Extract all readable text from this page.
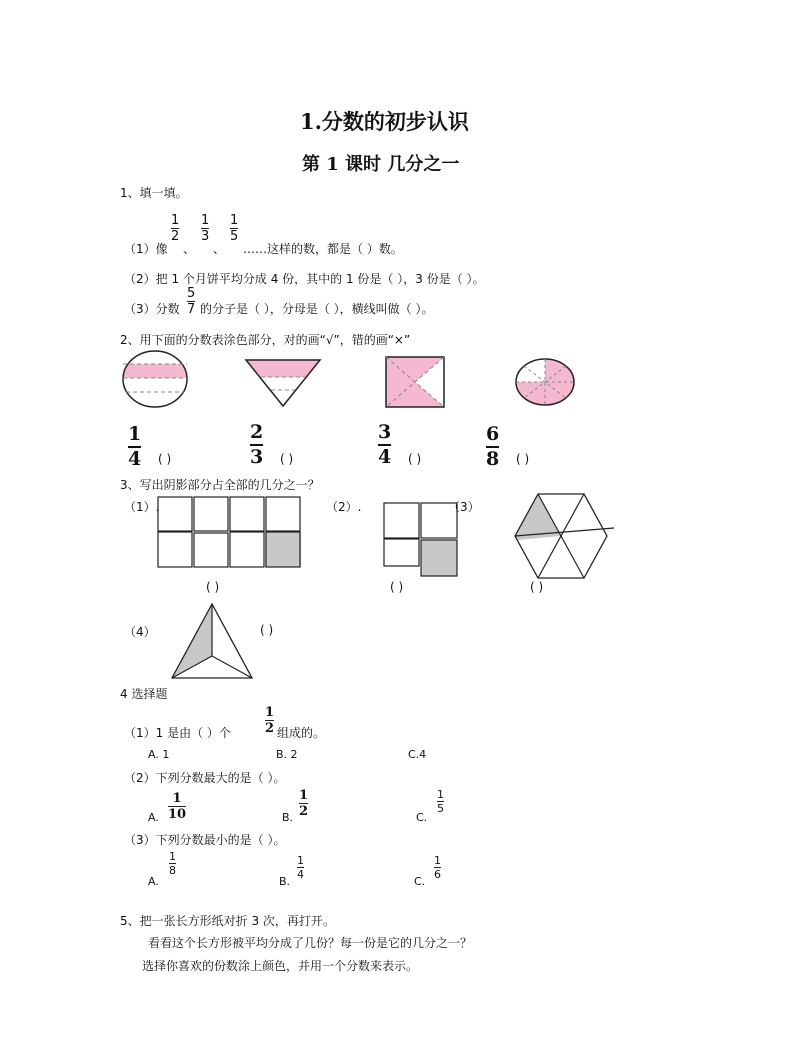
1.分数的初步认识
第 1 课时 几分之一
1、填一填。
（1）像
1
2
、
1
3
、
1
5
……这样的数，都是（ ）数。
（2）把 1 个月饼平均分成 4 份，其中的 1 份是（ ），3 份是（ ）。
（3）分数
5
7 的分子是（ ），分母是（ ），横线叫做（ ）。
2、用下面的分数表涂色部分，对的画“√”，错的画“×”
1
4 ( )
2
3 ( )
3
4 ( )
6
8 ( )
3、写出阴影部分占全部的几分之一？
（1）.
( )
（2）.
( )
（3）
( )
（4）	( )
4 选择题
（1）1 是由（ ）个
1
2 组成的。
A. 1	B. 2	C.4
（2）下列分数最大的是（ ）。
A.
1
10	B.
1
2	C.
1
5
（3）下列分数最小的是（ ）。
A.
1
8
B.
1
4
C.
1
6
5、把一张长方形纸对折 3 次，再打开。
看看这个长方形被平均分成了几份？每一份是它的几分之一？
选择你喜欢的份数涂上颜色，并用一个分数来表示。
